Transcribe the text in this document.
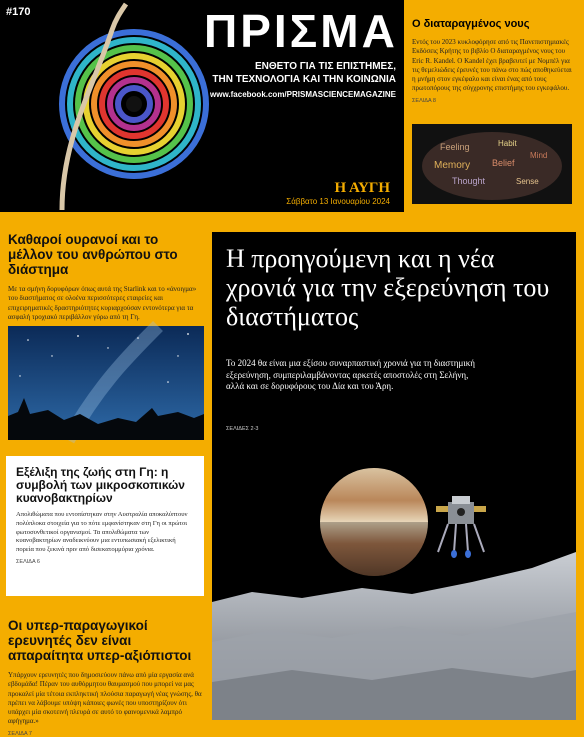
#170	ΠΡΙΣΜΑ
ΕΝΘΕΤΟ ΓΙΑ ΤΙΣ ΕΠΙΣΤΗΜΕΣ,
ΤΗΝ ΤΕΧΝΟΛΟΓΙΑ ΚΑΙ ΤΗΝ ΚΟΙΝΩΝΙΑ
www.facebook.com/PRISMASCIENCEMAGAZINE
Η ΑΥΓΗ
Σάββατο 13 Ιανουαρίου 2024
Ο διαταραγμένος νους

Εντός του 2023 κυκλοφόρησε από τις Πανεπιστημιακές Εκδόσεις Κρήτης το βιβλίο Ο διαταραγμένος νους του Eric R. Kandel. Ο Kandel έχει βραβευτεί με Νομπέλ για τις θεμελιώδεις έρευνές του πάνω στο πώς αποθηκεύεται η μνήμη στον εγκέφαλο και είναι ένας από τους πρωτοπόρους της σύγχρονης επιστήμης του εγκεφάλου.

ΣΕΛΙΔΑ 8
Feeling	Habit
Memory Belief
Thought	Sense
Mind
Καθαροί ουρανοί και το μέλλον του ανθρώπου στο διάστημα

Με τα σμήνη δορυφόρων όπως αυτά της Starlink και το «άνοιγμα» του διαστήματος σε ολοένα περισσότερες εταιρείες και επιχειρηματικές δραστηριότητες κυριαρχούσαν εντονότερα για τα ασφαλή τροχιακό περιβάλλον γύρω από τη Γη.

Εξέλιξη της ζωής στη Γη: η συμβολή των μικροσκοπικών κυανοβακτηρίων

Απολιθώματα που εντοπίστηκαν στην Αυστραλία αποκαλύπτουν πολύπλοκα στοιχεία για το πότε εμφανίστηκαν στη Γη οι πρώτοι φωτοσυνθετικοί οργανισμοί. Τα απολιθώματα των κυανοβακτηρίων αναδεικνύουν μια εντυπωσιακή εξελικτική πορεία που ξεκινά πριν από δισεκατομμύρια χρόνια.

ΣΕΛΙΔΑ 6
Οι υπερ-παραγωγικοί ερευνητές δεν είναι απαραίτητα υπερ-αξιόπιστοι

Υπάρχουν ερευνητές που δημοσιεύουν πάνω από μία εργασία ανά εβδομάδα! Πέραν του αυθόρμητου θαυμασμού που μπορεί να μας προκαλεί μία τέτοια εκπληκτική πλούσια παραγωγή νέας γνώσης, θα πρέπει να λάβουμε υπόψη κάποιες φωνές που υποστηρίζουν ότι υπάρχει μία σκοτεινή πλευρά σε αυτό το φαινομενικά λαμπρό αφήγημα.»

ΣΕΛΙΔΑ 7
Η προηγούμενη και η νέα χρονιά για την εξερεύνηση του διαστήματος
Το 2024 θα είναι μια εξίσου συναρπαστική χρονιά για τη διαστημική εξερεύνηση, συμπεριλαμβάνοντας αρκετές αποστολές στη Σελήνη, αλλά και σε δορυφόρους του Δία και του Άρη.
ΣΕΛΙΔΕΣ 2-3
